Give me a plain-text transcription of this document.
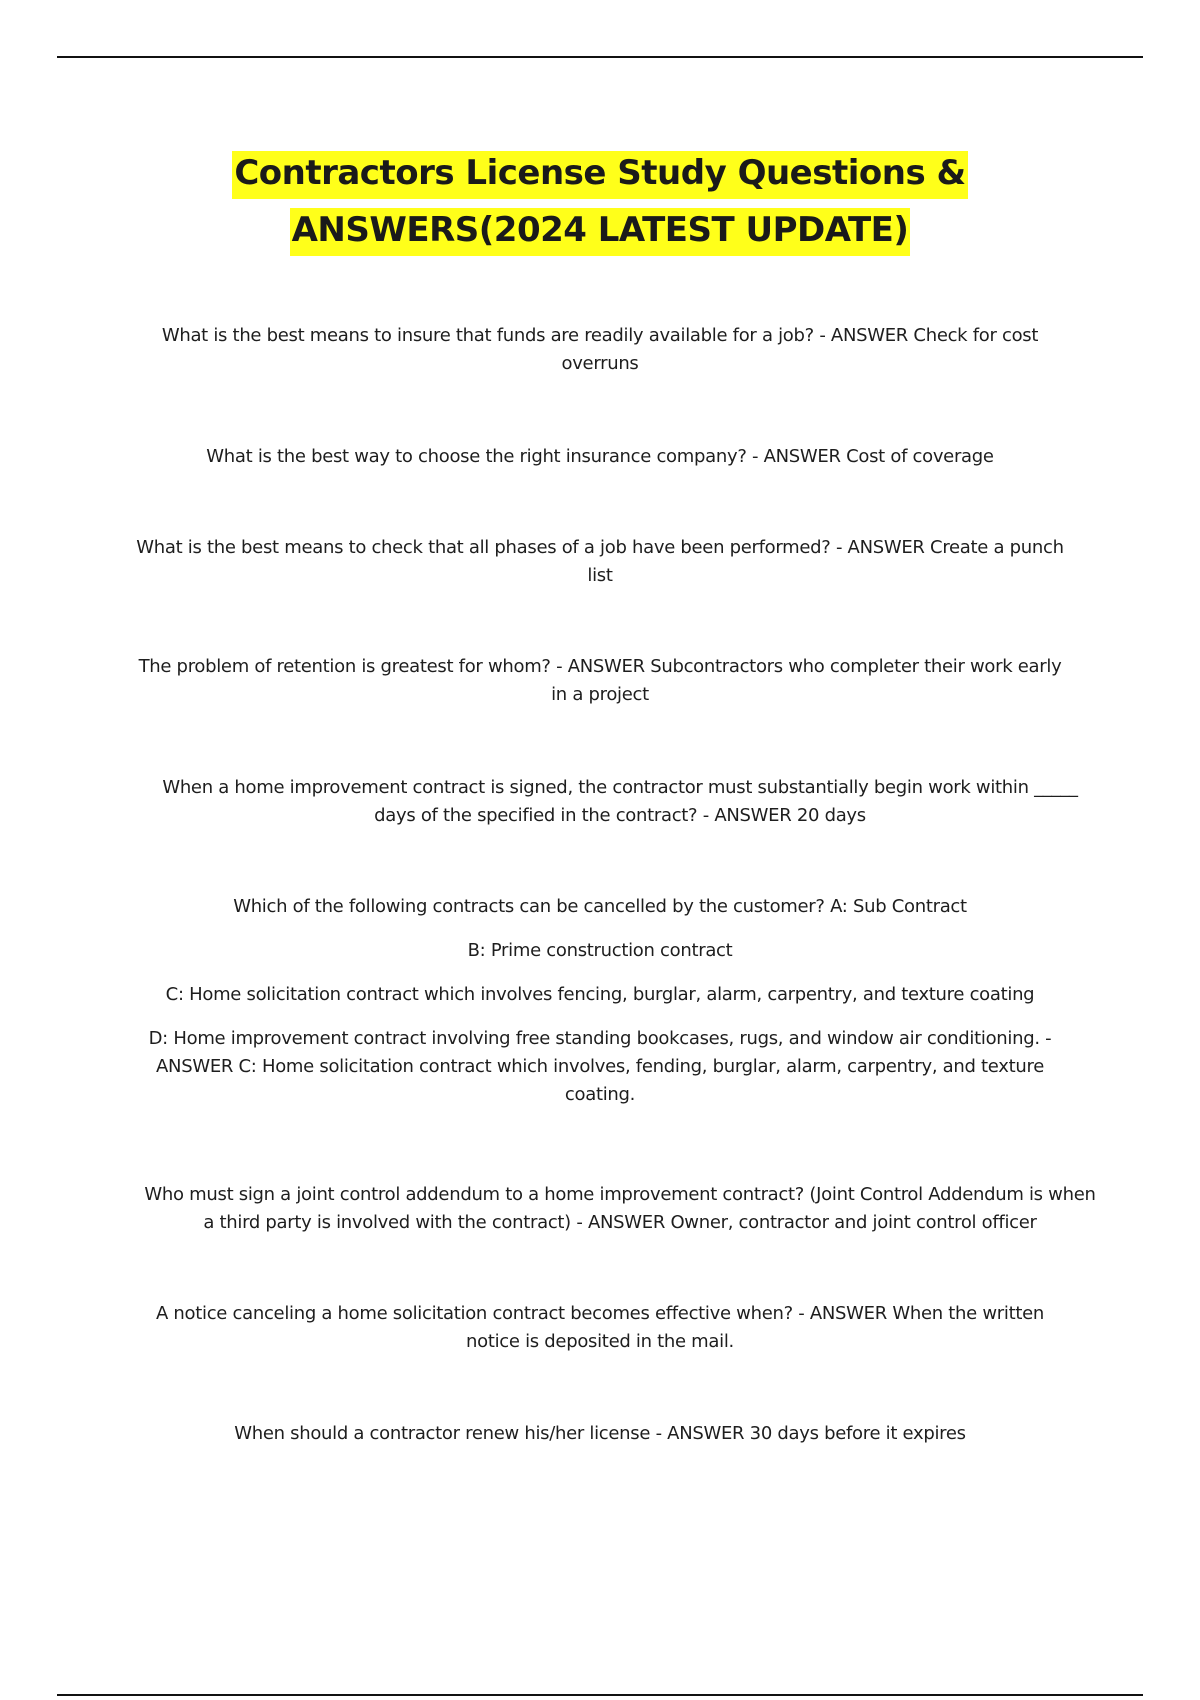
Contractors License Study Questions &
ANSWERS(2024 LATEST UPDATE)

What is the best means to insure that funds are readily available for a job? - ANSWER Check for cost overruns

What is the best way to choose the right insurance company? - ANSWER Cost of coverage

What is the best means to check that all phases of a job have been performed? - ANSWER Create a punch list

The problem of retention is greatest for whom? - ANSWER Subcontractors who completer their work early in a project

When a home improvement contract is signed, the contractor must substantially begin work within _____ days of the specified in the contract? - ANSWER 20 days

Which of the following contracts can be cancelled by the customer? A: Sub Contract

B: Prime construction contract

C: Home solicitation contract which involves fencing, burglar, alarm, carpentry, and texture coating

D: Home improvement contract involving free standing bookcases, rugs, and window air conditioning. - ANSWER C: Home solicitation contract which involves, fending, burglar, alarm, carpentry, and texture coating.

Who must sign a joint control addendum to a home improvement contract? (Joint Control Addendum is when a third party is involved with the contract) - ANSWER Owner, contractor and joint control officer

A notice canceling a home solicitation contract becomes effective when? - ANSWER When the written notice is deposited in the mail.

When should a contractor renew his/her license - ANSWER 30 days before it expires
